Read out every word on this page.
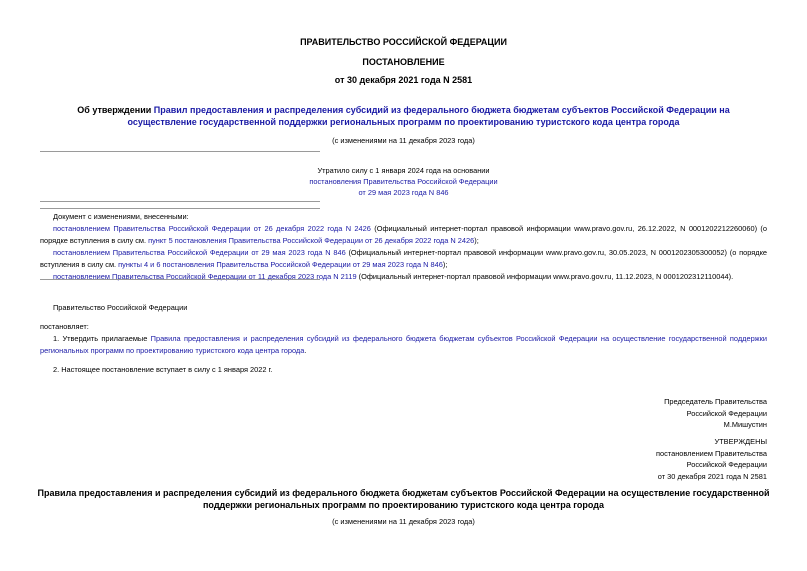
ПРАВИТЕЛЬСТВО РОССИЙСКОЙ ФЕДЕРАЦИИ
ПОСТАНОВЛЕНИЕ
от 30 декабря 2021 года N 2581
Об утверждении Правил предоставления и распределения субсидий из федерального бюджета бюджетам субъектов Российской Федерации на осуществление государственной поддержки региональных программ по проектированию туристского кода центра города
(с изменениями на 11 декабря 2023 года)
Утратило силу с 1 января 2024 года на основании
постановления Правительства Российской Федерации
от 29 мая 2023 года N 846
Документ с изменениями, внесенными:
постановлением Правительства Российской Федерации от 26 декабря 2022 года N 2426 (Официальный интернет-портал правовой информации www.pravo.gov.ru, 26.12.2022, N 0001202212260060) (о порядке вступления в силу см. пункт 5 постановления Правительства Российской Федерации от 26 декабря 2022 года N 2426);
постановлением Правительства Российской Федерации от 29 мая 2023 года N 846 (Официальный интернет-портал правовой информации www.pravo.gov.ru, 30.05.2023, N 0001202305300052) (о порядке вступления в силу см. пункты 4 и 6 постановления Правительства Российской Федерации от 29 мая 2023 года N 846);
постановлением Правительства Российской Федерации от 11 декабря 2023 года N 2119 (Официальный интернет-портал правовой информации www.pravo.gov.ru, 11.12.2023, N 0001202312110044).
Правительство Российской Федерации
постановляет:
1. Утвердить прилагаемые Правила предоставления и распределения субсидий из федерального бюджета бюджетам субъектов Российской Федерации на осуществление государственной поддержки региональных программ по проектированию туристского кода центра города.
2. Настоящее постановление вступает в силу с 1 января 2022 г.
Председатель Правительства
Российской Федерации
М.Мишустин
УТВЕРЖДЕНЫ
постановлением Правительства
Российской Федерации
от 30 декабря 2021 года N 2581
Правила предоставления и распределения субсидий из федерального бюджета бюджетам субъектов Российской Федерации на осуществление государственной поддержки региональных программ по проектированию туристского кода центра города
(с изменениями на 11 декабря 2023 года)
